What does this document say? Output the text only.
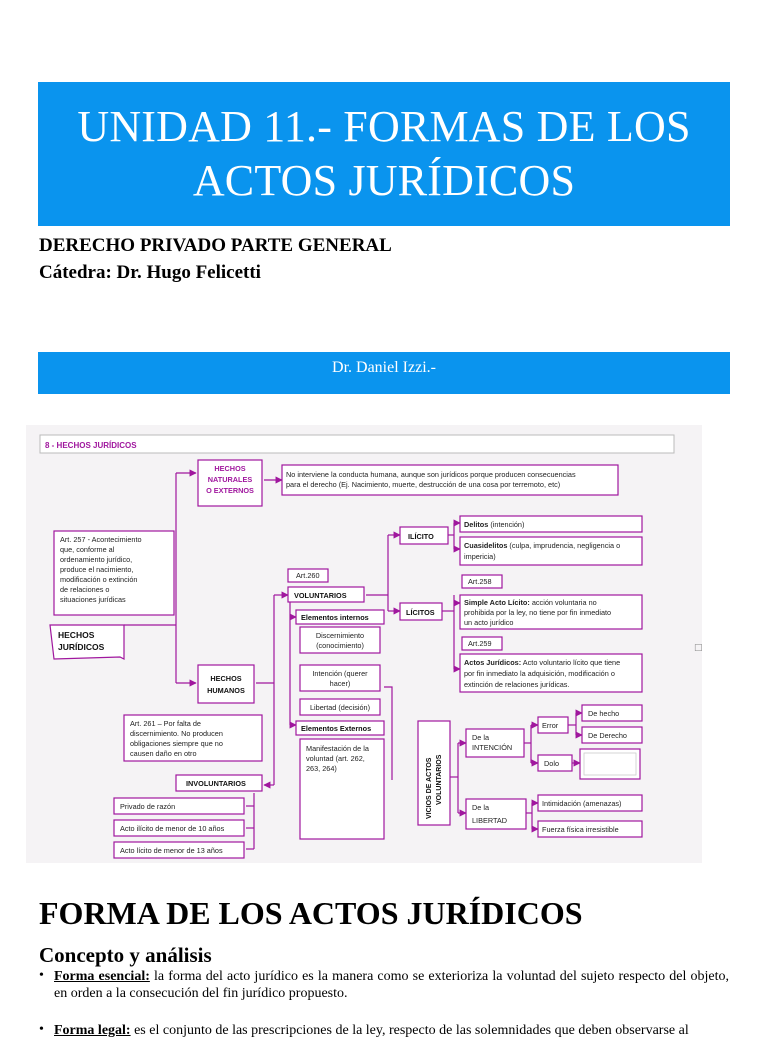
UNIDAD 11.- FORMAS DE LOS
ACTOS JURÍDICOS
DERECHO PRIVADO PARTE GENERAL
Cátedra: Dr. Hugo Felicetti
Dr. Daniel Izzi.-
8 - HECHOS JURÍDICOS
HECHOS
NATURALES
O EXTERNOS
No interviene la conducta humana, aunque son jurídicos porque producen consecuencias
para el derecho (Ej. Nacimiento, muerte, destrucción de una cosa por terremoto, etc)
Art. 257 - Acontecimiento
que, conforme al
ordenamiento jurídico,
produce el nacimiento,
modificación o extinción
de relaciones o
situaciones jurídicas
HECHOS
JURÍDICOS
HECHOS
HUMANOS
Art.260
VOLUNTARIOS
Elementos internos
Discernimiento
(conocimiento)
Intención (querer
hacer)
Libertad (decisión)
Elementos Externos
Manifestación de la
voluntad (art. 262,
263, 264)
Art. 261 – Por falta de
discernimiento. No producen
obligaciones siempre que no
causen daño en otro
INVOLUNTARIOS
Privado de razón
Acto ilícito de menor de 10 años
Acto lícito de menor de 13 años
ILÍCITO
Delitos (intención)
Cuasidelitos (culpa, imprudencia, negligencia o
impericia)
Art.258
LÍCITOS
Simple Acto Lícito: acción voluntaria no
prohibida por la ley, no tiene por fin inmediato
un acto jurídico
Art.259
Actos Jurídicos: Acto voluntario lícito que tiene
por fin inmediato la adquisición, modificación o
extinción de relaciones jurídicas.
VICIOS DE ACTOS VOLUNTARIOS
De la
INTENCIÓN
Error
De hecho
De Derecho
Dolo
De la
LIBERTAD
Intimidación (amenazas)
Fuerza física irresistible
□
FORMA DE LOS ACTOS JURÍDICOS
Concepto y análisis
• Forma esencial: la forma del acto jurídico es la manera como se exterioriza la voluntad del sujeto respecto del objeto, en orden a la consecución del fin jurídico propuesto.
• Forma legal: es el conjunto de las prescripciones de la ley, respecto de las solemnidades que deben observarse al
